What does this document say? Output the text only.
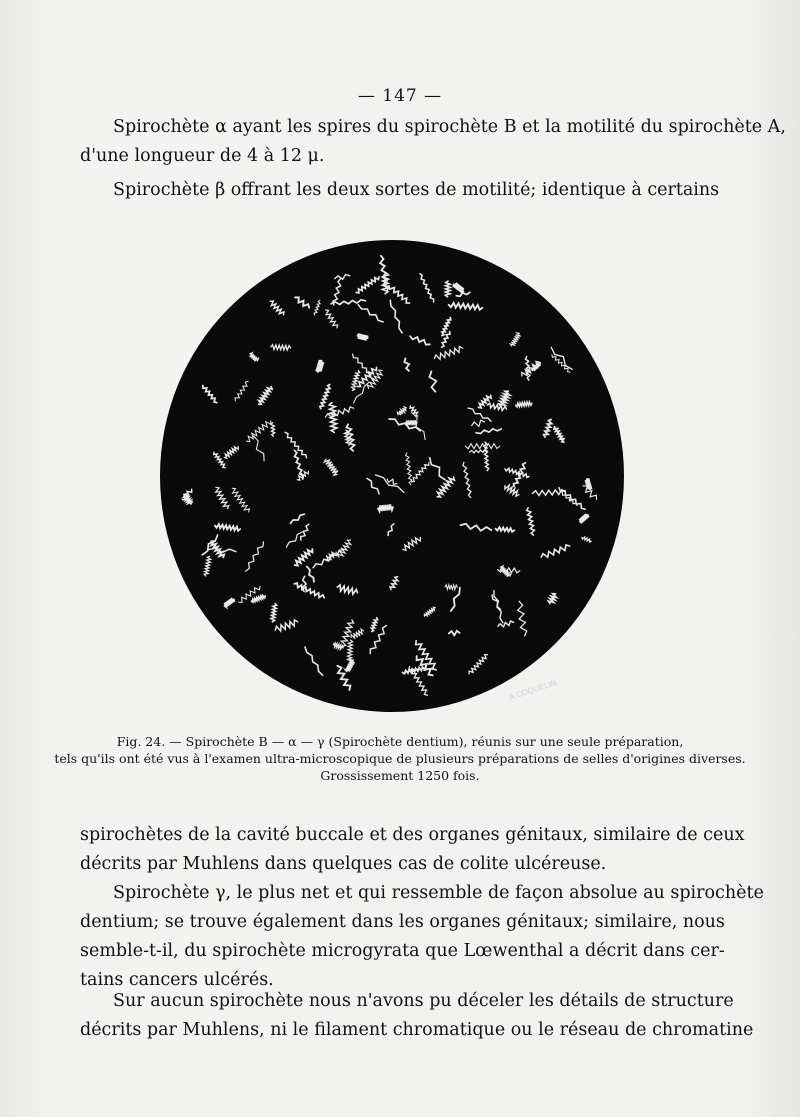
— 147 —
Spirochète α ayant les spires du spirochète B et la motilité du spirochète A,
d'une longueur de 4 à 12 μ.
Spirochète β offrant les deux sortes de motilité; identique à certains
A.COQUELIN.
Fig. 24. — Spirochète B — α — γ (Spirochète dentium), réunis sur une seule préparation,
tels qu'ils ont été vus à l'examen ultra-microscopique de plusieurs préparations de selles d'origines diverses.
Grossissement 1250 fois.
spirochètes de la cavité buccale et des organes génitaux, similaire de ceux
décrits par Muhlens dans quelques cas de colite ulcéreuse.
Spirochète γ, le plus net et qui ressemble de façon absolue au spirochète
dentium; se trouve également dans les organes génitaux; similaire, nous
semble-t-il, du spirochète microgyrata que Lœwenthal a décrit dans cer-
tains cancers ulcérés.
Sur aucun spirochète nous n'avons pu déceler les détails de structure
décrits par Muhlens, ni le filament chromatique ou le réseau de chromatine
